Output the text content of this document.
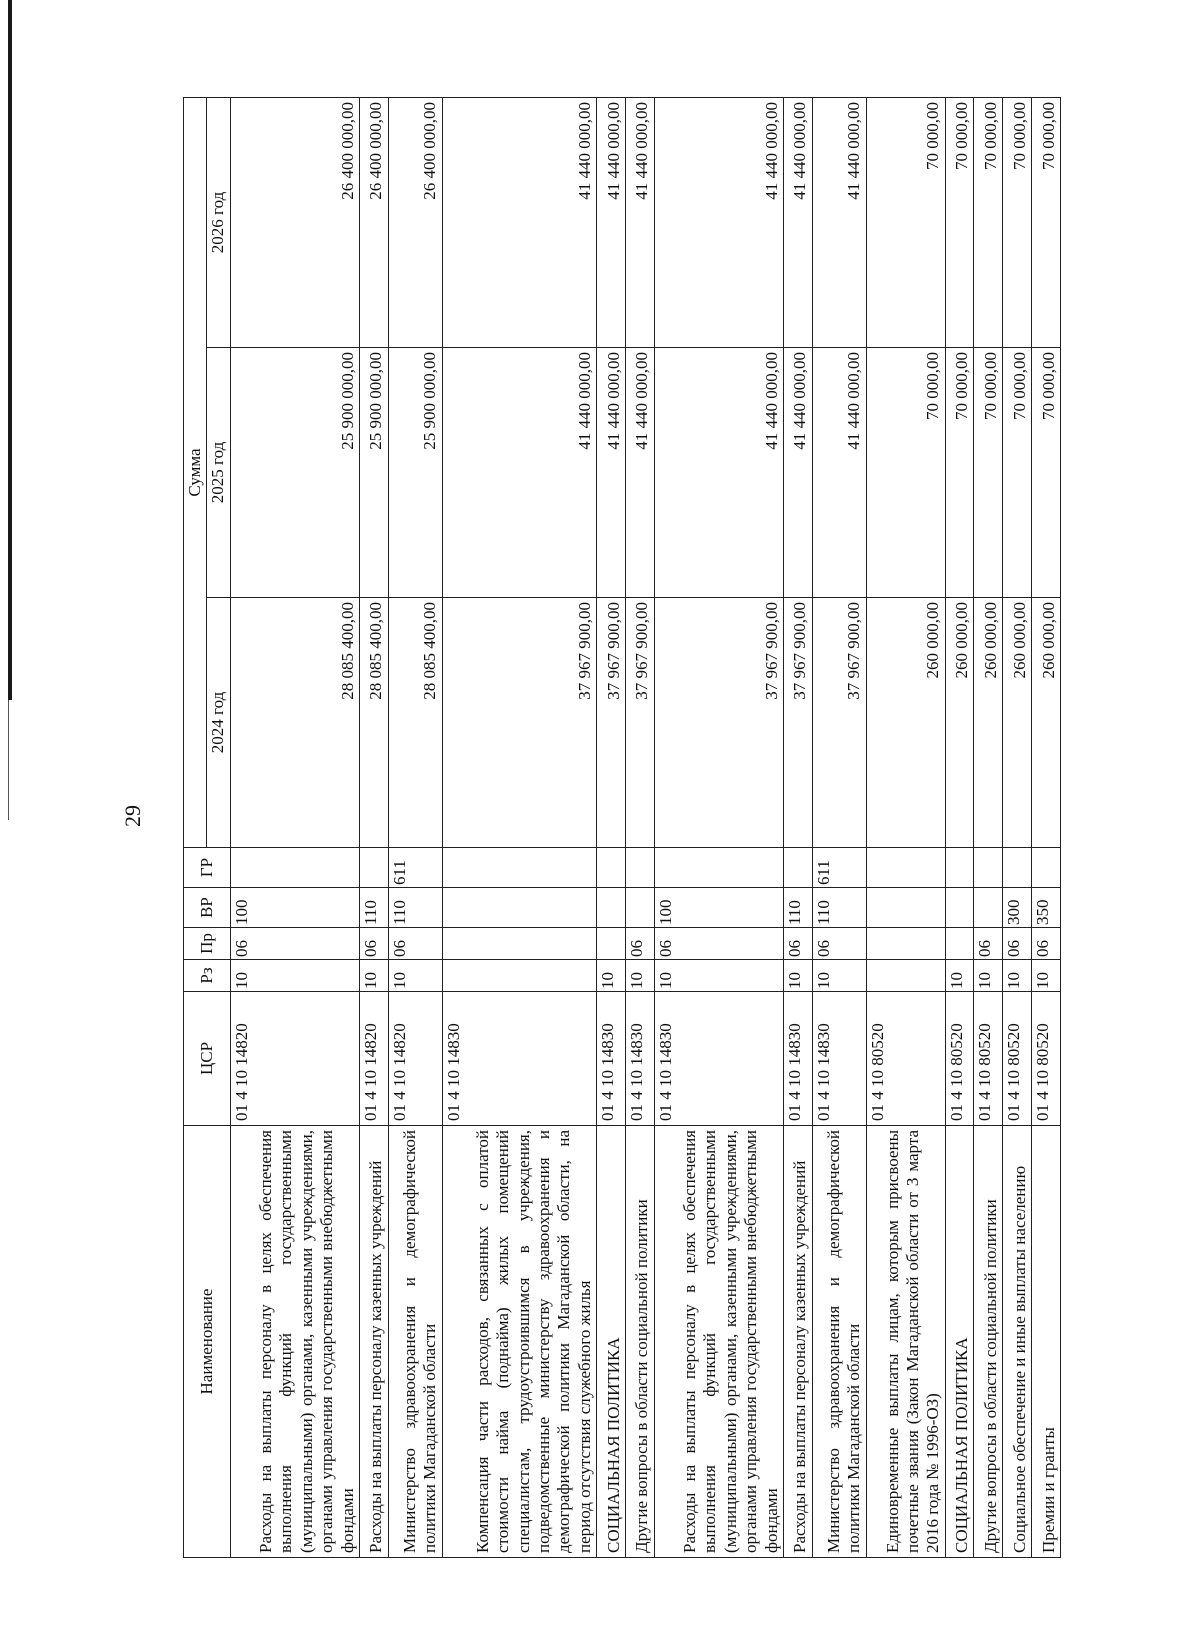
29
Наименование	ЦСР	Рз	Пр	ВР	ГР	Сумма		
						2024 год	2025 год	2026 год
Расходы на выплаты персоналу в целях обеспечения выполнения функций государственными (муниципальными) органами, казенными учреждениями, органами управления государственными внебюджетными фондами	01 4 10 14820	10	06	100		28 085 400,00	25 900 000,00	26 400 000,00
Расходы на выплаты персоналу казенных учреждений	01 4 10 14820	10	06	110		28 085 400,00	25 900 000,00	26 400 000,00
Министерство здравоохранения и демографической политики Магаданской области	01 4 10 14820	10	06	110	611	28 085 400,00	25 900 000,00	26 400 000,00
Компенсация части расходов, связанных с оплатой стоимости найма (поднайма) жилых помещений специалистам, трудоустроившимся в учреждения, подведомственные министерству здравоохранения и демографической политики Магаданской области, на период отсутствия служебного жилья	01 4 10 14830					37 967 900,00	41 440 000,00	41 440 000,00
СОЦИАЛЬНАЯ ПОЛИТИКА	01 4 10 14830	10				37 967 900,00	41 440 000,00	41 440 000,00
Другие вопросы в области социальной политики	01 4 10 14830	10	06			37 967 900,00	41 440 000,00	41 440 000,00
Расходы на выплаты персоналу в целях обеспечения выполнения функций государственными (муниципальными) органами, казенными учреждениями, органами управления государственными внебюджетными фондами	01 4 10 14830	10	06	100		37 967 900,00	41 440 000,00	41 440 000,00
Расходы на выплаты персоналу казенных учреждений	01 4 10 14830	10	06	110		37 967 900,00	41 440 000,00	41 440 000,00
Министерство здравоохранения и демографической политики Магаданской области	01 4 10 14830	10	06	110	611	37 967 900,00	41 440 000,00	41 440 000,00
Единовременные выплаты лицам, которым присвоены почетные звания (Закон Магаданской области от 3 марта 2016 года № 1996-ОЗ)	01 4 10 80520					260 000,00	70 000,00	70 000,00
СОЦИАЛЬНАЯ ПОЛИТИКА	01 4 10 80520	10				260 000,00	70 000,00	70 000,00
Другие вопросы в области социальной политики	01 4 10 80520	10	06			260 000,00	70 000,00	70 000,00
Социальное обеспечение и иные выплаты населению	01 4 10 80520	10	06	300		260 000,00	70 000,00	70 000,00
Премии и гранты	01 4 10 80520	10	06	350		260 000,00	70 000,00	70 000,00
